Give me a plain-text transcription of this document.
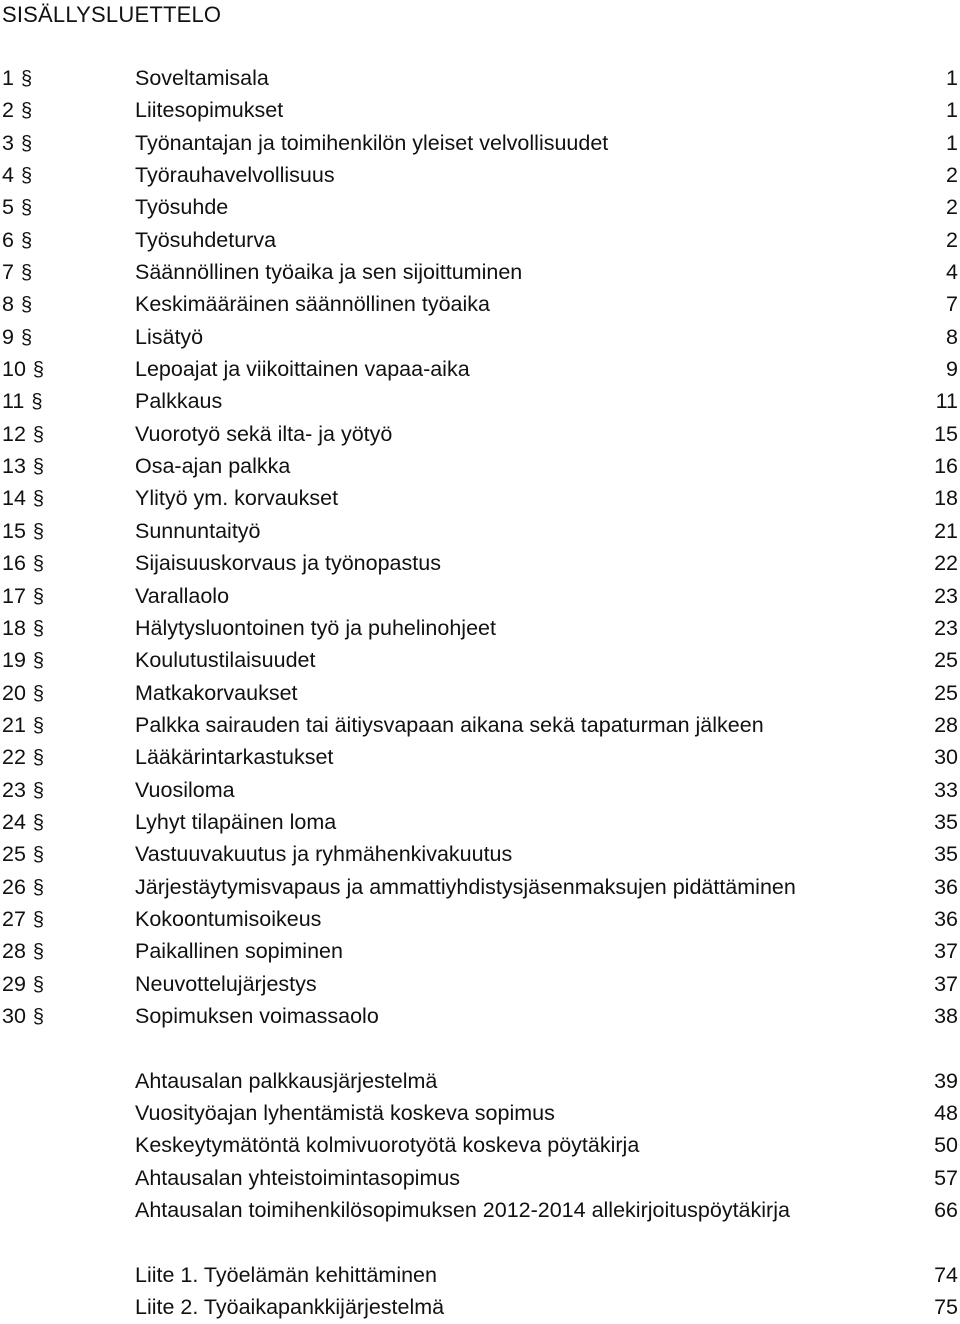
SISÄLLYSLUETTELO
1 §	Soveltamisala	1
2 §	Liitesopimukset	1
3 §	Työnantajan ja toimihenkilön yleiset velvollisuudet	1
4 §	Työrauhavelvollisuus	2
5 §	Työsuhde	2
6 §	Työsuhdeturva	2
7 §	Säännöllinen työaika ja sen sijoittuminen	4
8 §	Keskimääräinen säännöllinen työaika	7
9 §	Lisätyö	8
10 §	Lepoajat ja viikoittainen vapaa-aika	9
11 §	Palkkaus	11
12 §	Vuorotyö sekä ilta- ja yötyö	15
13 §	Osa-ajan palkka	16
14 §	Ylityö ym. korvaukset	18
15 §	Sunnuntaityö	21
16 §	Sijaisuuskorvaus ja työnopastus	22
17 §	Varallaolo	23
18 §	Hälytysluontoinen työ ja puhelinohjeet	23
19 §	Koulutustilaisuudet	25
20 §	Matkakorvaukset	25
21 §	Palkka sairauden tai äitiysvapaan aikana sekä tapaturman jälkeen	28
22 §	Lääkärintarkastukset	30
23 §	Vuosiloma	33
24 §	Lyhyt tilapäinen loma	35
25 §	Vastuuvakuutus ja ryhmähenkivakuutus	35
26 §	Järjestäytymisvapaus ja ammattiyhdistysjäsenmaksujen pidättäminen	36
27 §	Kokoontumisoikeus	36
28 §	Paikallinen sopiminen	37
29 §	Neuvottelujärjestys	37
30 §	Sopimuksen voimassaolo	38
Ahtausalan palkkausjärjestelmä	39
Vuosityöajan lyhentämistä koskeva sopimus	48
Keskeytymätöntä kolmivuorotyötä koskeva pöytäkirja	50
Ahtausalan yhteistoimintasopimus	57
Ahtausalan toimihenkilösopimuksen 2012-2014 allekirjoituspöytäkirja	66
Liite 1. Työelämän kehittäminen	74
Liite 2. Työaikapankkijärjestelmä	75
